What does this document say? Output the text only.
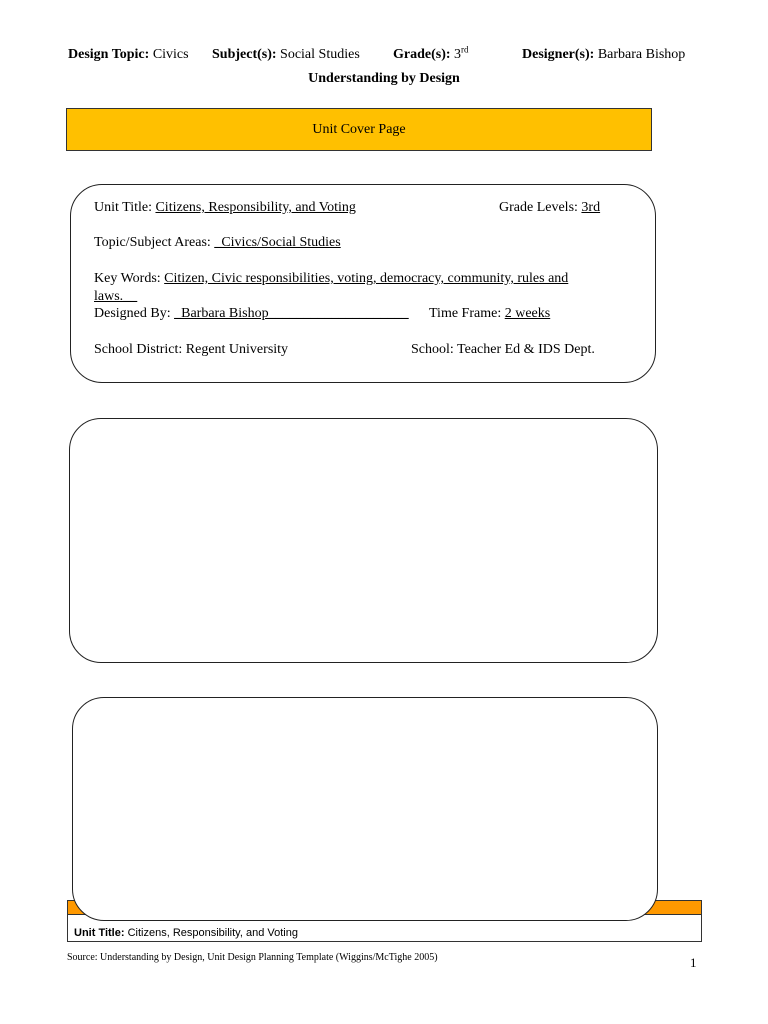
Design Topic: Civics Subject(s): Social Studies Grade(s): 3rd	Designer(s): Barbara Bishop
Understanding by Design
Unit Cover Page
Unit Title: Citizens, Responsibility, and Voting	Grade Levels: 3rd
Topic/Subject Areas: _Civics/Social Studies
Key Words: Citizen, Civic responsibilities, voting, democracy, community, rules and
laws.__
Designed By: _Barbara Bishop____________________ Time Frame: 2 weeks
School District: Regent University	School: Teacher Ed & IDS Dept.
Unit Title: Citizens, Responsibility, and Voting
Source: Understanding by Design, Unit Design Planning Template (Wiggins/McTighe 2005)	1
